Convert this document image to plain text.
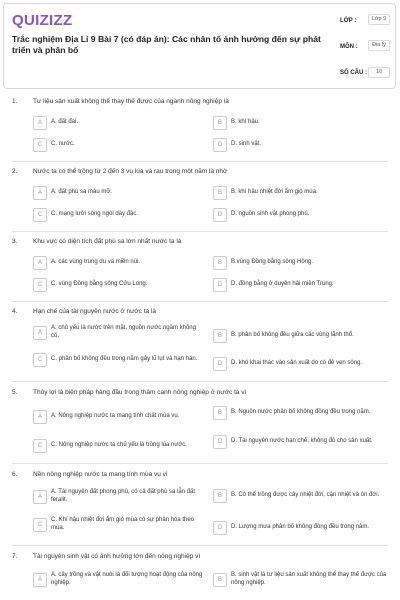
QUIZIZZ
Trắc nghiệm Địa Lí 9 Bài 7 (có đáp án): Các nhân tố ảnh hưởng đến sự phát triển và phân bố
LỚP :	Lớp 9
MÔN :	Địa lý
SỐ CÂU :	10
1. Tư liệu sản xuất không thể thay thế được của ngành nông nghiệp là
A	A. đất đai.	B	B. khí hậu.
C	C. nước.	D	D. sinh vật.
2. Nước ta có thể trồng từ 2 đến 3 vụ lúa và rau trong một năm là nhờ
A	A. đất phù sa màu mỡ.	B	B. khí hậu nhiệt đới ẩm gió mùa.
C	C. mạng lưới sông ngòi dày đặc.	D	D. nguồn sinh vật phong phú.
3. Khu vực có diện tích đất phù sa lớn nhất nước ta là
A	A. các vùng trung du và miền núi.	B	B.vùng Đồng bằng sông Hồng.
C	C. vùng Đồng bằng sông Cửu Long.	D	D. đồng bằng ở duyên hải miền Trung.
4. Hạn chế của tài nguyên nước ở nước ta là
A
A. chủ yếu là nước trên mặt, nguồn nước ngầm không có.	B	B. phân bố không đều giữa các vùng lãnh thổ.
C	C. phân bố không đều trong năm gây lũ lụt và hạn hán.
D	D. khó khai thác vào sản xuất do có đê ven sông.
5. Thủy lợi là biện pháp hàng đầu trong thâm canh nông nghiệp ở nước ta vì
A	A. Nông nghiệp nước ta mang tính chất mùa vụ.
B	B. Nguồn nước phân bố không đồng đều trong năm.
C	C. Nông nghiệp nước ta chủ yếu là trồng lúa nước.
D	D. Tài nguyên nước hạn chế, không đủ cho sản xuất.
6. Nền nông nghiệp nước ta mang tính mùa vụ vì
A
A. Tài nguyên đất phong phú, có cả đất phù sa lẫn đất feralit.
B	B. Có thể trồng được cây nhiệt đới, cận nhiệt và ôn đới.
C
C. Khí hậu nhiệt đới ẩm gió mùa có sự phân hóa theo mùa.	D	D. Lượng mưa phân bố không đồng đều trong năm.
7. Tài nguyên sinh vật có ảnh hưởng lớn đến nông nghiệp vì
A
A. cây trồng và vật nuôi là đối tượng hoạt động của nông nghiệp.	B
B. sinh vật là tư liệu sản xuất không thể thay thế được của nông nghiệp.
